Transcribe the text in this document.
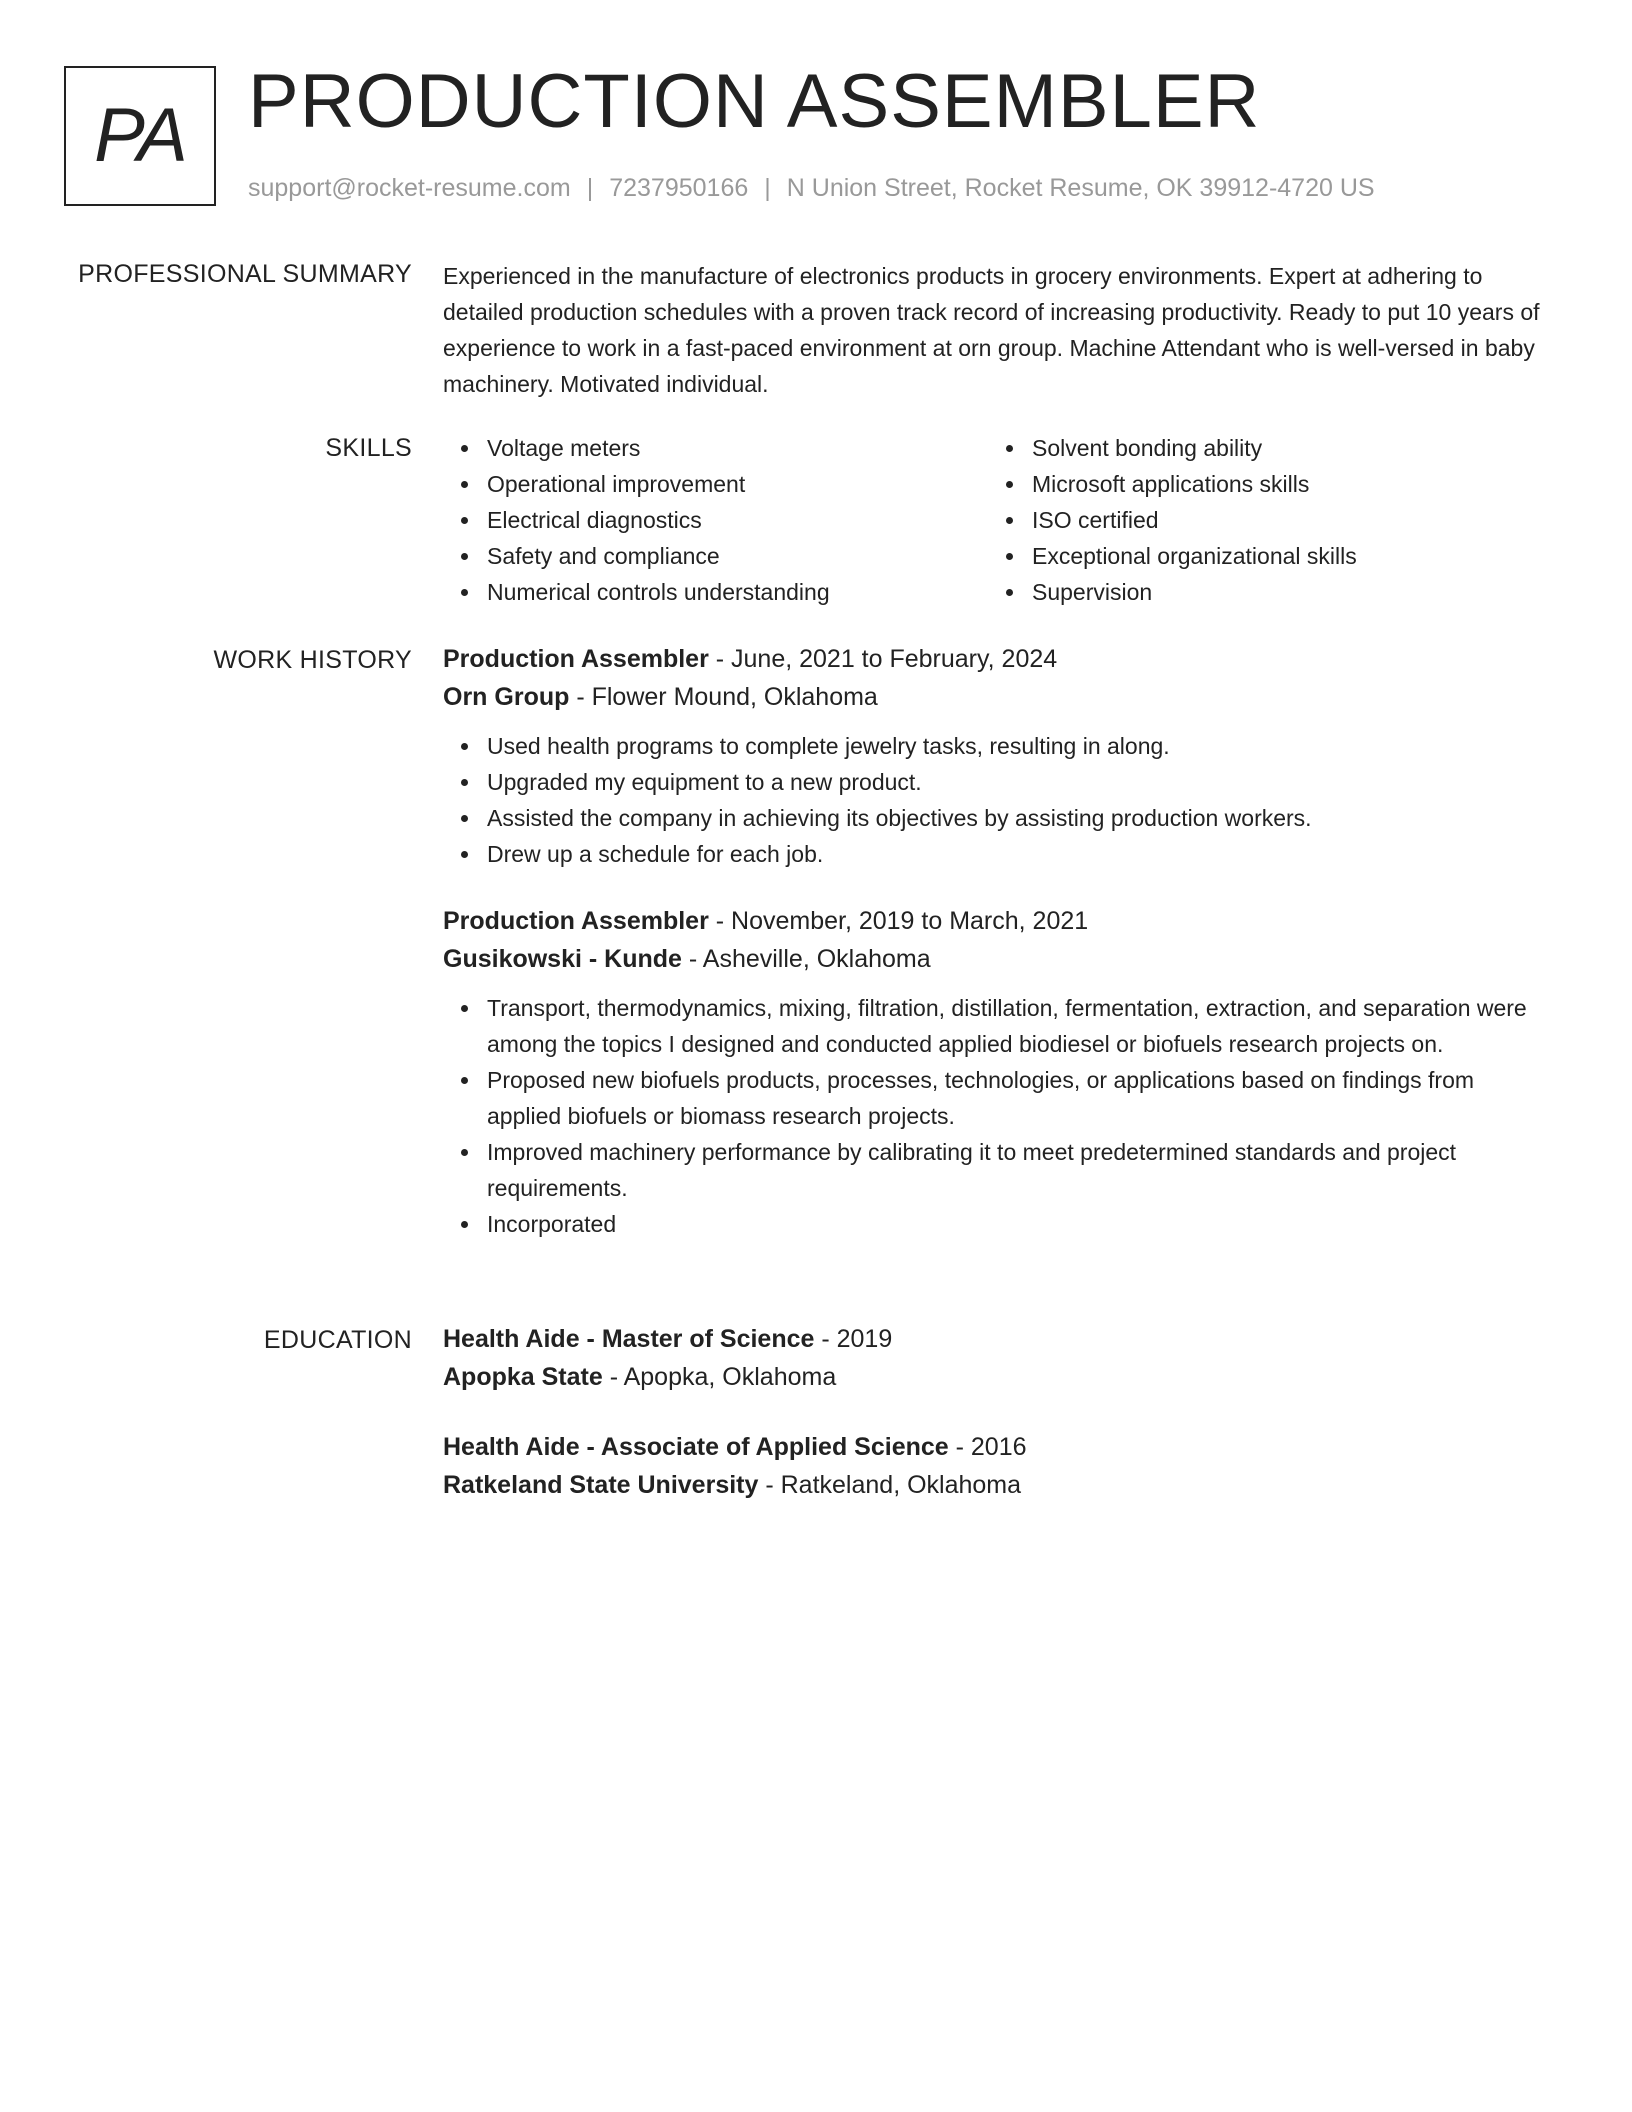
PA PRODUCTION ASSEMBLER
support@rocket-resume.com | 7237950166 | N Union Street, Rocket Resume, OK 39912-4720 US
PROFESSIONAL SUMMARY Experienced in the manufacture of electronics products in grocery environments. Expert at adhering to detailed production schedules with a proven track record of increasing productivity. Ready to put 10 years of experience to work in a fast-paced environment at orn group. Machine Attendant who is well-versed in baby machinery. Motivated individual.

SKILLS	Voltage meters
Operational improvement
Electrical diagnostics
Safety and compliance
Numerical controls understanding
Solvent bonding ability
Microsoft applications skills
ISO certified
Exceptional organizational skills
Supervision
WORK HISTORY Production Assembler - June, 2021 to February, 2024
Orn Group - Flower Mound, Oklahoma
Used health programs to complete jewelry tasks, resulting in along.
Upgraded my equipment to a new product.
Assisted the company in achieving its objectives by assisting production workers.
Drew up a schedule for each job.
Production Assembler - November, 2019 to March, 2021
Gusikowski - Kunde - Asheville, Oklahoma
Transport, thermodynamics, mixing, filtration, distillation, fermentation, extraction, and separation were among the topics I designed and conducted applied biodiesel or biofuels research projects on.
Proposed new biofuels products, processes, technologies, or applications based on findings from applied biofuels or biomass research projects.
Improved machinery performance by calibrating it to meet predetermined standards and project requirements.
Incorporated
EDUCATION Health Aide - Master of Science - 2019
Apopka State - Apopka, Oklahoma
Health Aide - Associate of Applied Science - 2016
Ratkeland State University - Ratkeland, Oklahoma
